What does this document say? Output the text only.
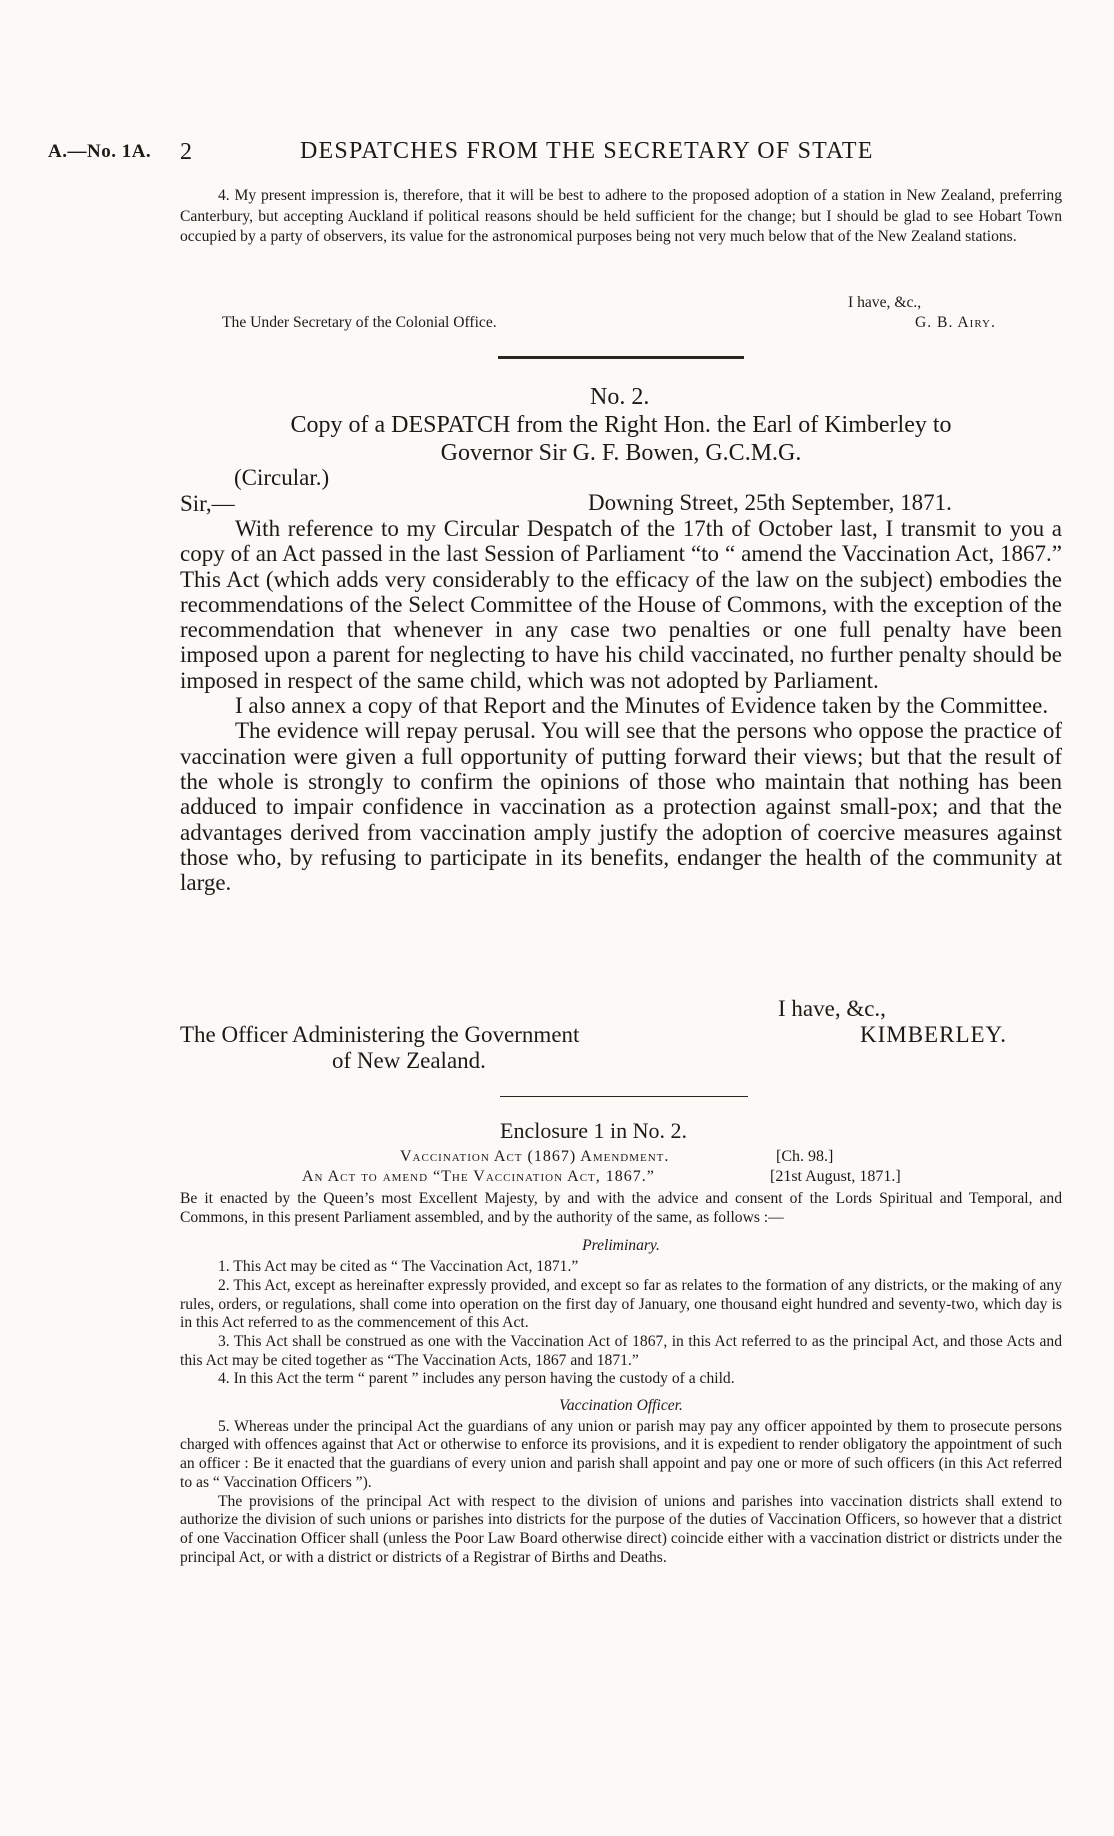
A.—No. 1A. 2	DESPATCHES FROM THE SECRETARY OF STATE

4. My present impression is, therefore, that it will be best to adhere to the proposed adoption of a station in New Zealand, preferring Canterbury, but accepting Auckland if political reasons should be held sufficient for the change; but I should be glad to see Hobart Town occupied by a party of observers, its value for the astronomical purposes being not very much below that of the New Zealand stations.

I have, &c.,
The Under Secretary of the Colonial Office.	G. B. Airy.
No. 2.
Copy of a DESPATCH from the Right Hon. the Earl of Kimberley to
Governor Sir G. F. Bowen, G.C.M.G.
(Circular.)
Sir,—	Downing Street, 25th September, 1871.

With reference to my Circular Despatch of the 17th of October last, I transmit to you a copy of an Act passed in the last Session of Parliament “to “ amend the Vaccination Act, 1867.” This Act (which adds very considerably to the efficacy of the law on the subject) embodies the recommendations of the Select Committee of the House of Commons, with the exception of the recommendation that whenever in any case two penalties or one full penalty have been imposed upon a parent for neglecting to have his child vaccinated, no further penalty should be imposed in respect of the same child, which was not adopted by Parliament.

I also annex a copy of that Report and the Minutes of Evidence taken by the Committee.

The evidence will repay perusal. You will see that the persons who oppose the practice of vaccination were given a full opportunity of putting forward their views; but that the result of the whole is strongly to confirm the opinions of those who maintain that nothing has been adduced to impair confidence in vaccination as a protection against small-pox; and that the advantages derived from vaccination amply justify the adoption of coercive measures against those who, by refusing to participate in its benefits, endanger the health of the community at large.

I have, &c.,
The Officer Administering the Government	KIMBERLEY.
of New Zealand.
Enclosure 1 in No. 2.
Vaccination Act (1867) Amendment.	[Ch. 98.]
An Act to amend “The Vaccination Act, 1867.”	[21st August, 1871.]

Be it enacted by the Queen’s most Excellent Majesty, by and with the advice and consent of the Lords Spiritual and Temporal, and Commons, in this present Parliament assembled, and by the authority of the same, as follows :—

Preliminary.

1. This Act may be cited as “ The Vaccination Act, 1871.”

2. This Act, except as hereinafter expressly provided, and except so far as relates to the formation of any districts, or the making of any rules, orders, or regulations, shall come into operation on the first day of January, one thousand eight hundred and seventy-two, which day is in this Act referred to as the commencement of this Act.

3. This Act shall be construed as one with the Vaccination Act of 1867, in this Act referred to as the principal Act, and those Acts and this Act may be cited together as “The Vaccination Acts, 1867 and 1871.”

4. In this Act the term “ parent ” includes any person having the custody of a child.

Vaccination Officer.

5. Whereas under the principal Act the guardians of any union or parish may pay any officer appointed by them to prosecute persons charged with offences against that Act or otherwise to enforce its provisions, and it is expedient to render obligatory the appointment of such an officer : Be it enacted that the guardians of every union and parish shall appoint and pay one or more of such officers (in this Act referred to as “ Vaccination Officers ”).

The provisions of the principal Act with respect to the division of unions and parishes into vaccination districts shall extend to authorize the division of such unions or parishes into districts for the purpose of the duties of Vaccination Officers, so however that a district of one Vaccination Officer shall (unless the Poor Law Board otherwise direct) coincide either with a vaccination district or districts under the principal Act, or with a district or districts of a Registrar of Births and Deaths.
